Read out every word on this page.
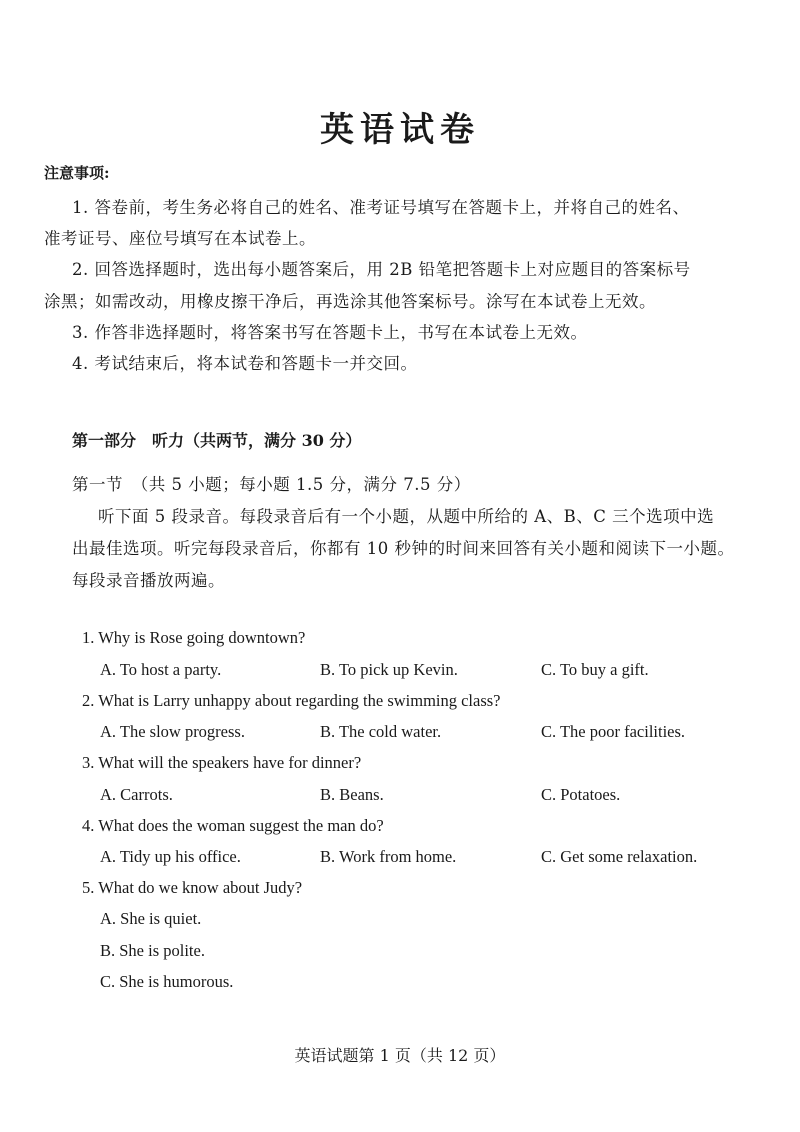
英语试卷
注意事项:
1. 答卷前，考生务必将自己的姓名、准考证号填写在答题卡上，并将自己的姓名、
准考证号、座位号填写在本试卷上。
2. 回答选择题时，选出每小题答案后，用 2B 铅笔把答题卡上对应题目的答案标号
涂黑；如需改动，用橡皮擦干净后，再选涂其他答案标号。涂写在本试卷上无效。
3. 作答非选择题时，将答案书写在答题卡上，书写在本试卷上无效。
4. 考试结束后，将本试卷和答题卡一并交回。
第一部分　听力（共两节，满分 30 分）
第一节　（共 5 小题；每小题 1.5 分，满分 7.5 分）
听下面 5 段录音。每段录音后有一个小题，从题中所给的 A、B、C 三个选项中选
出最佳选项。听完每段录音后，你都有 10 秒钟的时间来回答有关小题和阅读下一小题。
每段录音播放两遍。
1. Why is Rose going downtown?
A. To host a party.	B. To pick up Kevin.	C. To buy a gift.
2. What is Larry unhappy about regarding the swimming class?
A. The slow progress.	B. The cold water.	C. The poor facilities.
3. What will the speakers have for dinner?
A. Carrots.	B. Beans.	C. Potatoes.
4. What does the woman suggest the man do?
A. Tidy up his office.	B. Work from home.	C. Get some relaxation.
5. What do we know about Judy?
A. She is quiet.
B. She is polite.
C. She is humorous.
英语试题第 1 页（共 12 页）
